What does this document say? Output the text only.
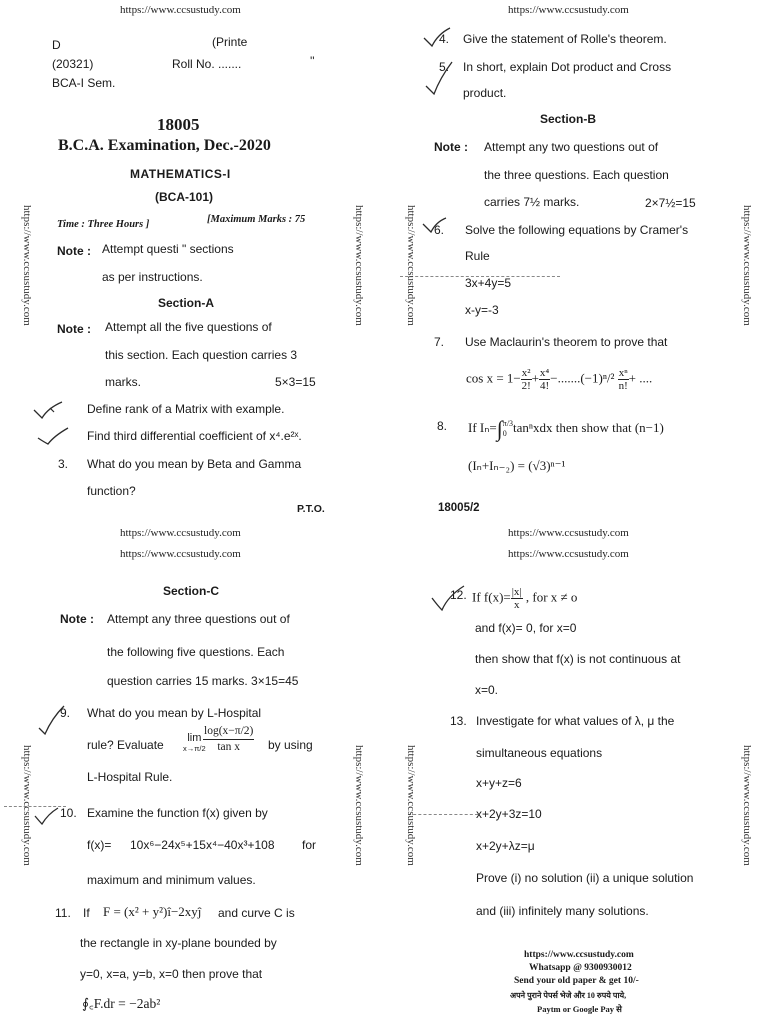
https://www.ccsustudy.com	https://www.ccsustudy.com
D	(Printe
(20321)	Roll No. .......	''
BCA-I Sem.
18005
B.C.A. Examination, Dec.-2020
MATHEMATICS-I
(BCA-101)
Time : Three Hours ]	[Maximum Marks : 75
Note : Attempt questi " sections
as per instructions.
Section-A
Note : Attempt all the five questions of
this section. Each question carries 3
marks.	5×3=15
Define rank of a Matrix with example.
Find third differential coefficient of x⁴.e²ˣ.
3. What do you mean by Beta and Gamma
function?
P.T.O.
4. Give the statement of Rolle's theorem.
5. In short, explain Dot product and Cross
product.
Section-B
Note : Attempt any two questions out of
the three questions. Each question
carries 7½ marks.	2×7½=15
6. Solve the following equations by Cramer's
Rule
3x+4y=5
x-y=-3
7. Use Maclaurin's theorem to prove that
$\cos x = 1- \frac{\text{x²}}{2!} + \frac{\text{x⁴}}{4!} -.......(-1)^n/^2 \frac{\text{xⁿ}}{n!}$ + ....
8. If Iₙ=∫ π/3
0 tanⁿxdx then show that (n−1)
(Iₙ+Iₙ₋₂) = (√3)ⁿ⁻¹
18005/2
https://www.ccsustudy.com
https://www.ccsustudy.com
https://www.ccsustudy.com
https://www.ccsustudy.com
Section-C
Note : Attempt any three questions out of
the following five questions. Each
question carries 15 marks. 3×15=45
9. What do you mean by L-Hospital
rule? Evaluate	lim
x→π/2
$\frac{\log(x-\pi/2)}{\text{tan x}}$ by using
L-Hospital Rule.
10. Examine the function f(x) given by
f(x)= 10x⁶−24x⁵+15x⁴−40x³+108 for
maximum and minimum values.
11. If F = (x² + y²)î−2xyĵ and curve C is
the rectangle in xy-plane bounded by
y=0, x=a, y=b, x=0 then prove that
∮꜀F.dr = −2ab²
12. If $f(x)= \frac{|x|}{x}$ , for x ≠ o
and f(x)= 0, for x=0
then show that f(x) is not continuous at
x=0.
13. Investigate for what values of λ, μ the
simultaneous equations
x+y+z=6
x+2y+3z=10
x+2y+λz=μ
Prove (i) no solution (ii) a unique solution
and (iii) infinitely many solutions.
https://www.ccsustudy.com
Whatsapp @ 9300930012
Send your old paper & get 10/-
अपने पुराने पेपर्स भेजे और 10 रुपये पाये,
Paytm or Google Pay से
https://www.ccsustudy.com	https://www.ccsustudy.com	https://www.ccsustudy.com	https://www.ccsustudy.com
https://www.ccsustudy.com	https://www.ccsustudy.com	https://www.ccsustudy.com	https://www.ccsustudy.com
